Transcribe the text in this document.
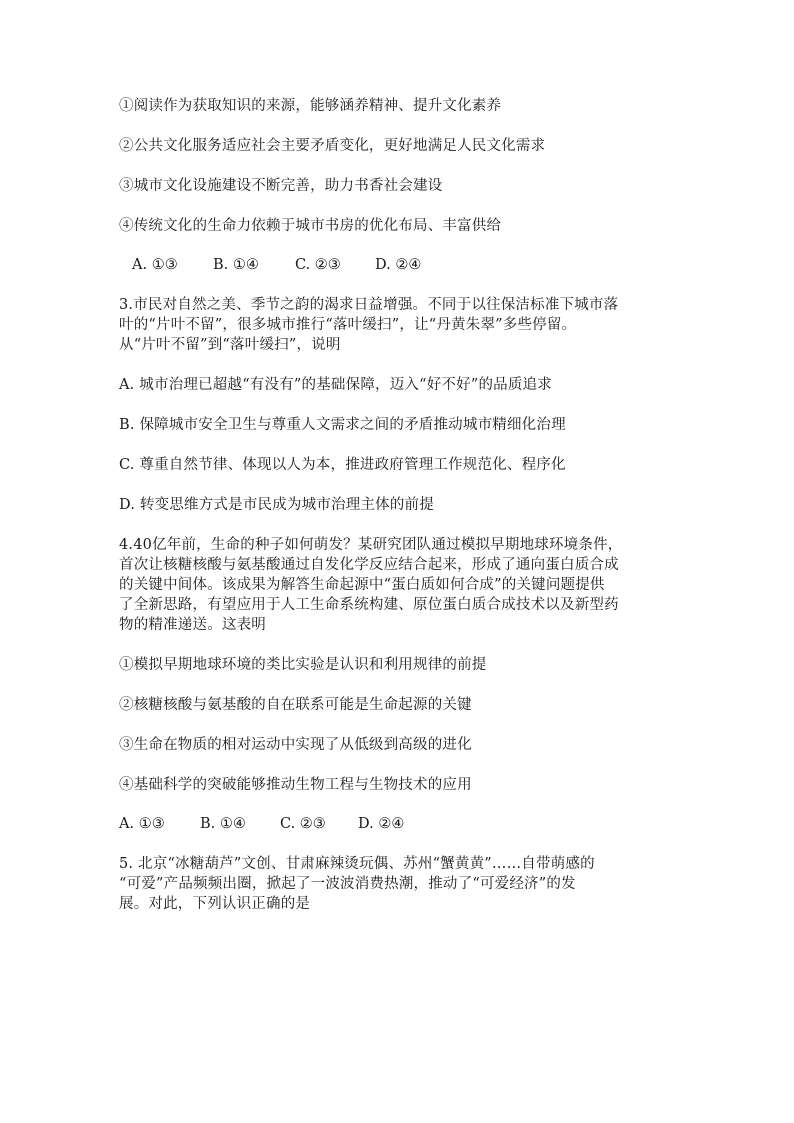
①阅读作为获取知识的来源，能够涵养精神、提升文化素养
②公共文化服务适应社会主要矛盾变化，更好地满足人民文化需求
③城市文化设施建设不断完善，助力书香社会建设
④传统文化的生命力依赖于城市书房的优化布局、丰富供给
A. ①③ B. ①④ C. ②③ D. ②④
3.市民对自然之美、季节之韵的渴求日益增强。不同于以往保洁标准下城市落
叶的“片叶不留”，很多城市推行“落叶缓扫”，让“丹黄朱翠”多些停留。
从“片叶不留”到“落叶缓扫”，说明
A. 城市治理已超越“有没有”的基础保障，迈入“好不好”的品质追求
B. 保障城市安全卫生与尊重人文需求之间的矛盾推动城市精细化治理
C. 尊重自然节律、体现以人为本，推进政府管理工作规范化、程序化
D. 转变思维方式是市民成为城市治理主体的前提
4.40亿年前，生命的种子如何萌发？某研究团队通过模拟早期地球环境条件，
首次让核糖核酸与氨基酸通过自发化学反应结合起来，形成了通向蛋白质合成
的关键中间体。该成果为解答生命起源中“蛋白质如何合成”的关键问题提供
了全新思路，有望应用于人工生命系统构建、原位蛋白质合成技术以及新型药
物的精准递送。这表明
①模拟早期地球环境的类比实验是认识和利用规律的前提
②核糖核酸与氨基酸的自在联系可能是生命起源的关键
③生命在物质的相对运动中实现了从低级到高级的进化
④基础科学的突破能够推动生物工程与生物技术的应用
A. ①③ B. ①④ C. ②③ D. ②④
5. 北京“冰糖葫芦”文创、甘肃麻辣烫玩偶、苏州“蟹黄黄”……自带萌感的
“可爱”产品频频出圈，掀起了一波波消费热潮，推动了“可爱经济”的发
展。对此，下列认识正确的是
